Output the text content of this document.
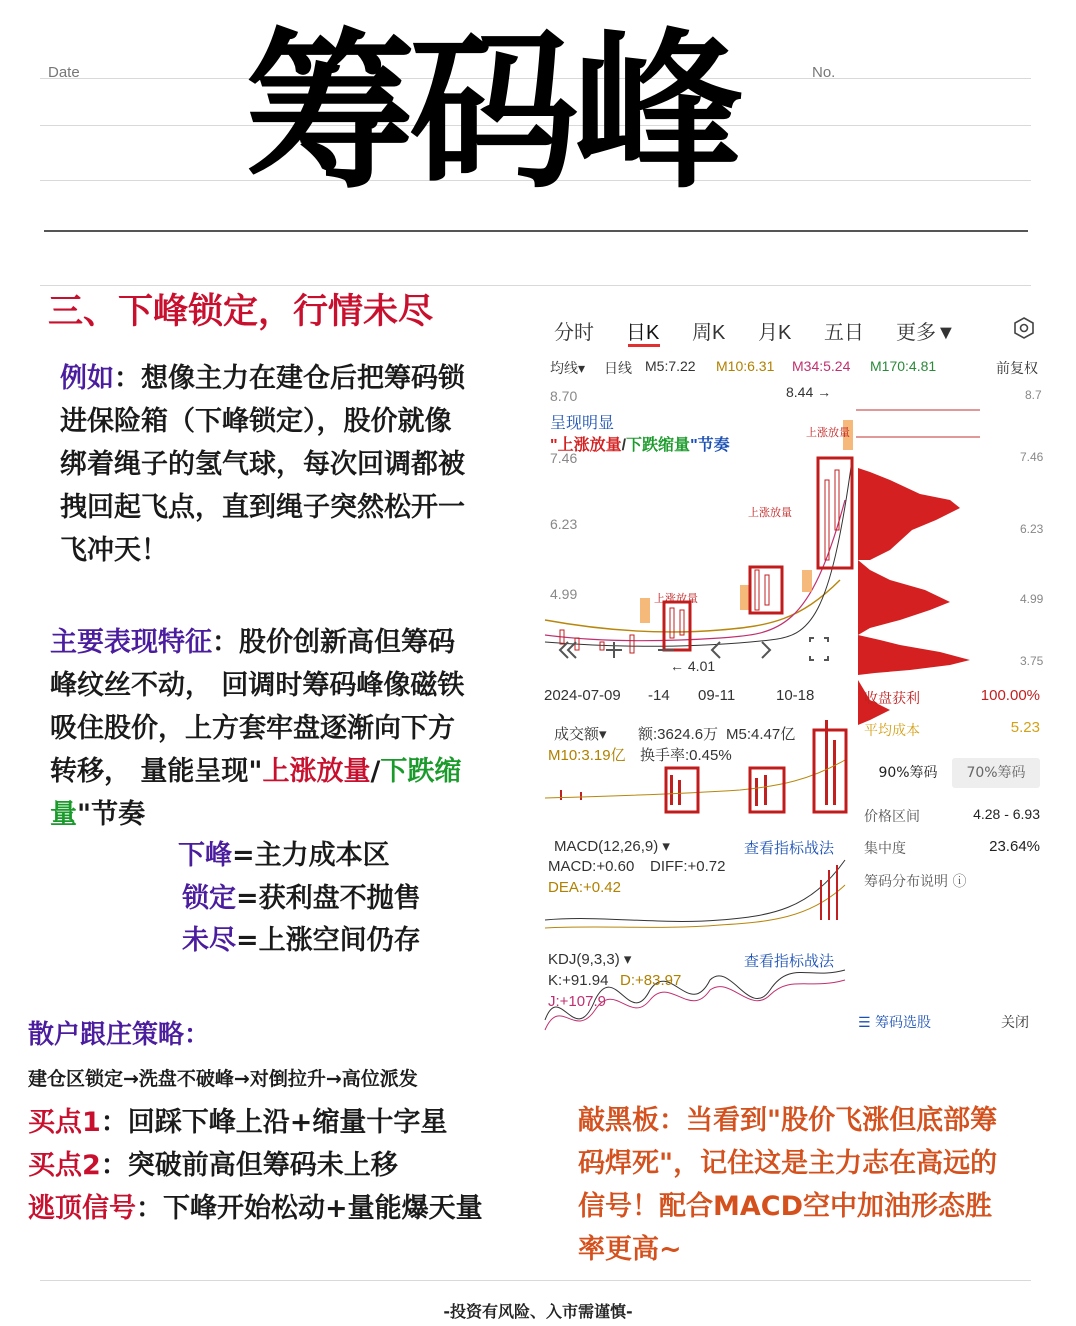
Date	No.
筹码峰
三、下峰锁定，行情未尽
例如：想像主力在建仓后把筹码锁
进保险箱（下峰锁定），股价就像
绑着绳子的氢气球，每次回调都被
拽回起飞点，直到绳子突然松开一
飞冲天！
主要表现特征：股价创新高但筹码
峰纹丝不动， 回调时筹码峰像磁铁
吸住股价，上方套牢盘逐渐向下方
转移， 量能呈现"上涨放量/下跌缩
量"节奏
下峰=主力成本区
锁定=获利盘不抛售
未尽=上涨空间仍存
散户跟庄策略：
建仓区锁定→洗盘不破峰→对倒拉升→高位派发
买点1：回踩下峰上沿+缩量十字星
买点2：突破前高但筹码未上移
逃顶信号：下峰开始松动+量能爆天量
敲黑板：当看到"股价飞涨但底部筹
码焊死"，记住这是主力志在高远的
信号！配合MACD空中加油形态胜
率更高~
-投资有风险、入市需谨慎-
分时 日K 周K 月K 五日 更多▼
均线▾ 日线 M5:7.22 M10:6.31 M34:5.24 M170:4.81	前复权
8.70
7.46
6.23
4.99
8.7
7.46
6.23
4.99
3.75
8.44 →
← 4.01
呈现明显
"上涨放量/下跌缩量"节奏
上涨放量
上涨放量
上涨放量
2024-07-09 -14 09-11	10-18
成交额▾ 额:3624.6万 M5:4.47亿
M10:3.19亿 换手率:0.45%
MACD(12,26,9) ▾	查看指标战法
MACD:+0.60 DIFF:+0.72
DEA:+0.42
KDJ(9,3,3) ▾	查看指标战法
K:+91.94 D:+83.97
J:+107.9
收盘获利	100.00%
平均成本	5.23
90%筹码	70%筹码
价格区间	4.28 - 6.93
集中度	23.64%
筹码分布说明 ⓘ
☰ 筹码选股	关闭
